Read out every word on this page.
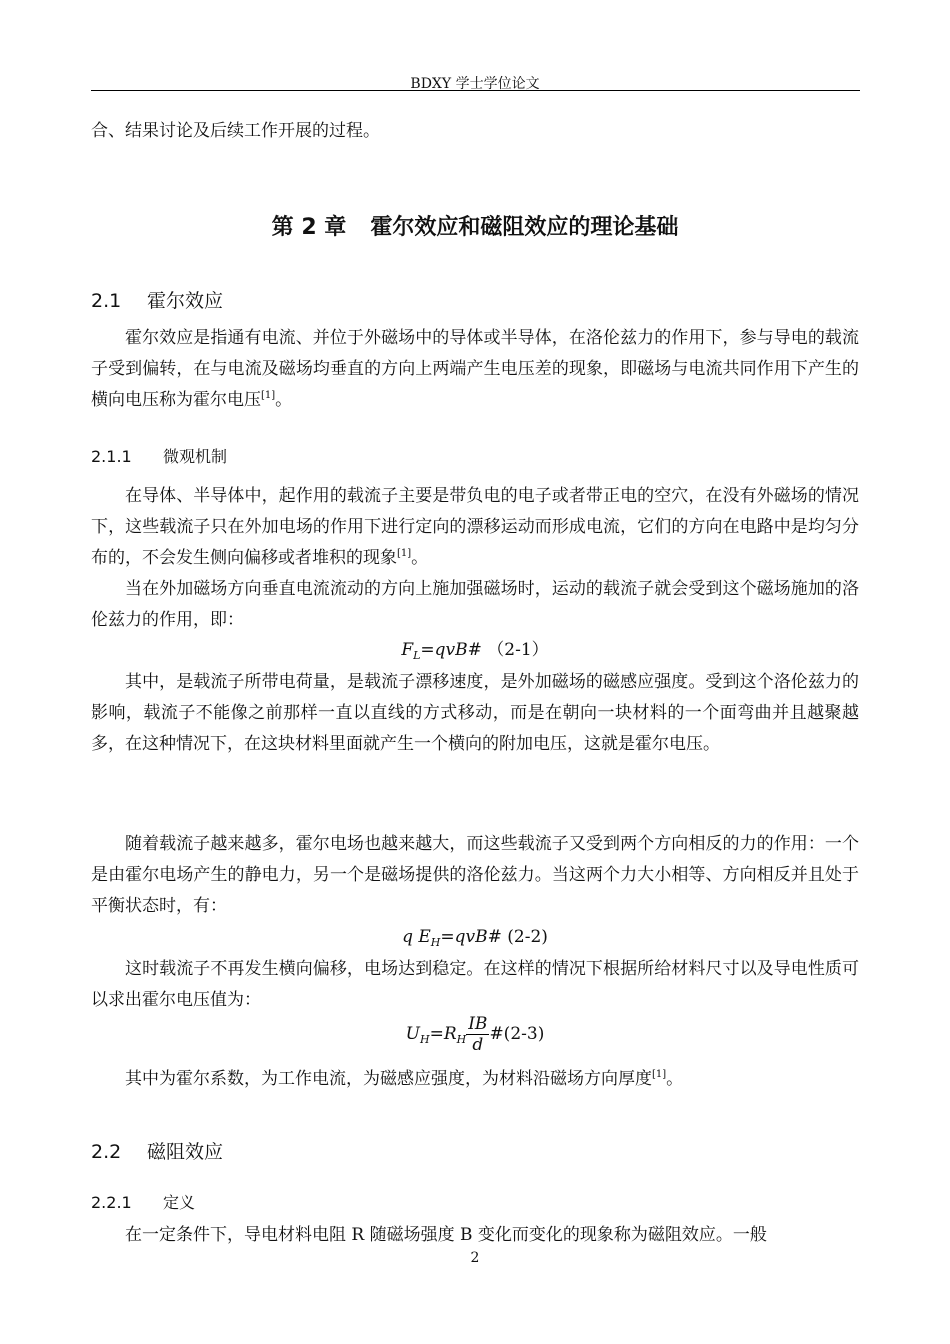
BDXY 学士学位论文

合、结果讨论及后续工作开展的过程。

第 2 章 霍尔效应和磁阻效应的理论基础
2.1 霍尔效应

霍尔效应是指通有电流、并位于外磁场中的导体或半导体，在洛伦兹力的作用下，参与导电的载流子受到偏转，在与电流及磁场均垂直的方向上两端产生电压差的现象，即磁场与电流共同作用下产生的横向电压称为霍尔电压[1]。

2.1.1 微观机制

在导体、半导体中，起作用的载流子主要是带负电的电子或者带正电的空穴，在没有外磁场的情况下，这些载流子只在外加电场的作用下进行定向的漂移运动而形成电流，它们的方向在电路中是均匀分布的，不会发生侧向偏移或者堆积的现象[1]。

当在外加磁场方向垂直电流流动的方向上施加强磁场时，运动的载流子就会受到这个磁场施加的洛伦兹力的作用，即：

$F_L=qvB\#$ （2-1）

其中，是载流子所带电荷量，是载流子漂移速度，是外加磁场的磁感应强度。受到这个洛伦兹力的影响，载流子不能像之前那样一直以直线的方式移动，而是在朝向一块材料的一个面弯曲并且越聚越多，在这种情况下，在这块材料里面就产生一个横向的附加电压，这就是霍尔电压。

随着载流子越来越多，霍尔电场也越来越大，而这些载流子又受到两个方向相反的力的作用：一个是由霍尔电场产生的静电力，另一个是磁场提供的洛伦兹力。当这两个力大小相等、方向相反并且处于平衡状态时，有：

q $E_H=qvB\#$ (2-2)

这时载流子不再发生横向偏移，电场达到稳定。在这样的情况下根据所给材料尺寸以及导电性质可以求出霍尔电压值为：

$U_H=R_H \frac{IB}{d}$ #(2-3)

其中为霍尔系数，为工作电流，为磁感应强度，为材料沿磁场方向厚度[1]。

2.2 磁阻效应
2.2.1 定义

在一定条件下，导电材料电阻 R 随磁场强度 B 变化而变化的现象称为磁阻效应。一般

2
